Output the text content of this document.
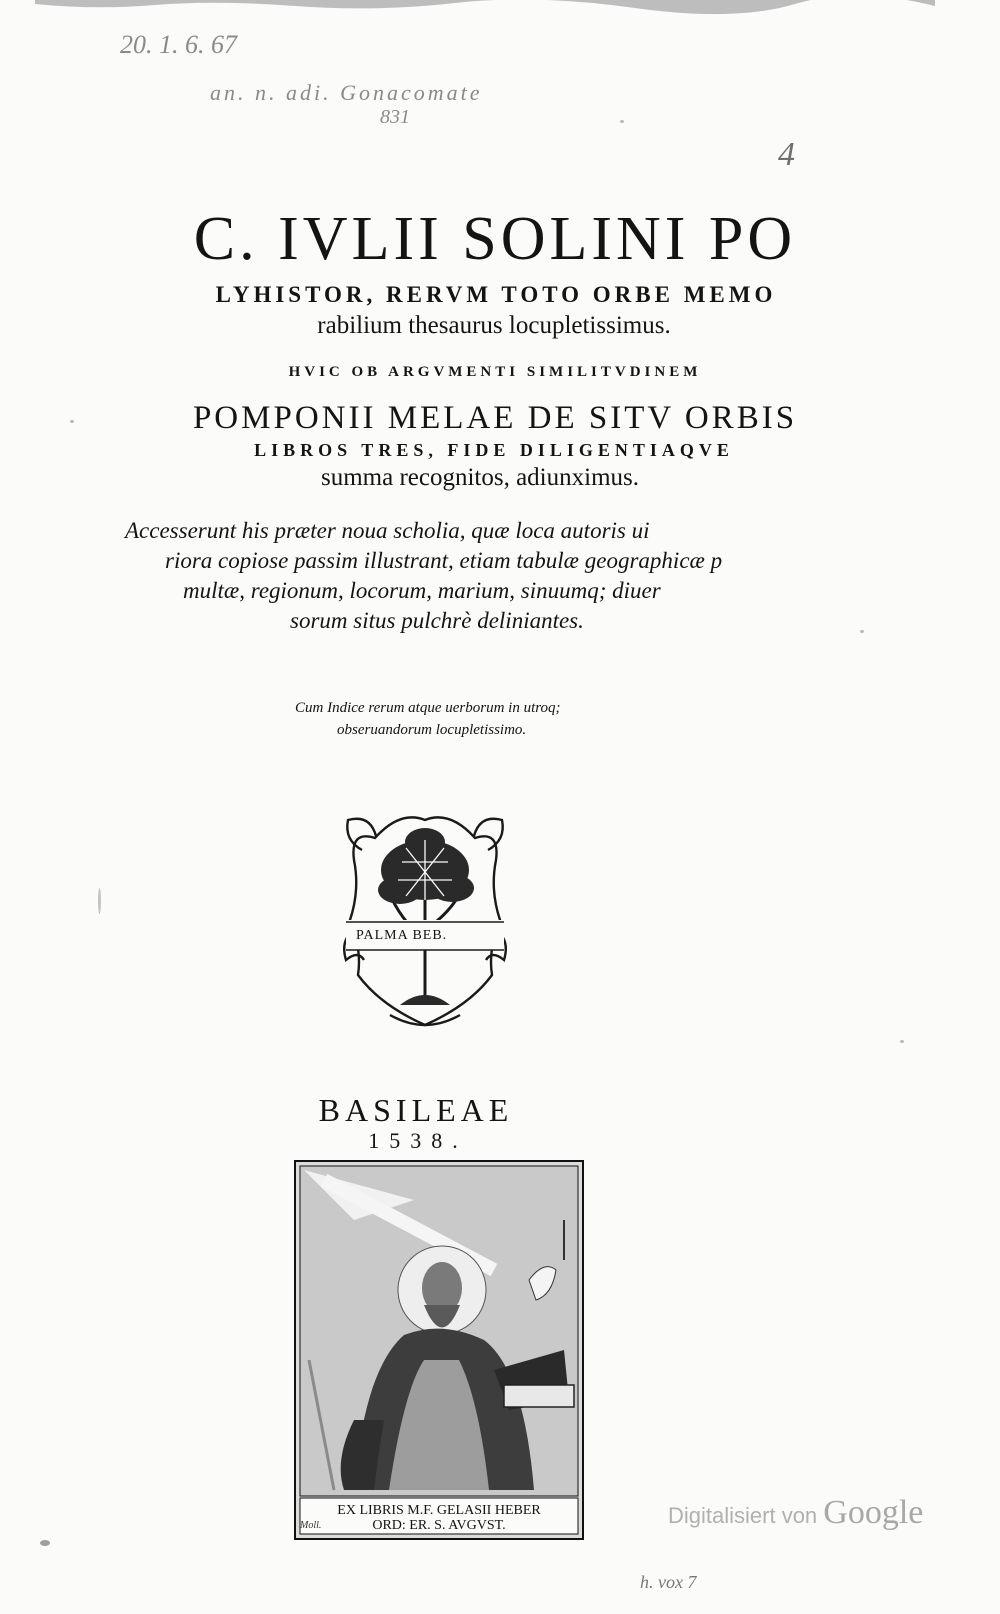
20. 1. 6. 67
an. n. adi. Gonacomate
831
4
C. IVLII SOLINI PO
LYHISTOR, RERVM TOTO ORBE MEMO
rabilium thesaurus locupletissimus.
HVIC OB ARGVMENTI SIMILITVDINEM
POMPONII MELAE DE SITV ORBIS
LIBROS TRES, FIDE DILIGENTIAQVE
summa recognitos, adiunximus.
Accesserunt his præter noua scholia, quæ loca autoris ui
riora copiose passim illustrant, etiam tabulæ geographicæ p
multæ, regionum, locorum, marium, sinuumq; diuer
sorum situs pulchrè deliniantes.
Cum Indice rerum atque uerborum in utroq;
obseruandorum locupletissimo.
PALMA BEB.
BASILEAE
1538.
EX LIBRIS M.F. GELASII HEBER
ORD: ER. S. AVGVST.
Moll.	Digitalisiert von Google
h. vox 7
